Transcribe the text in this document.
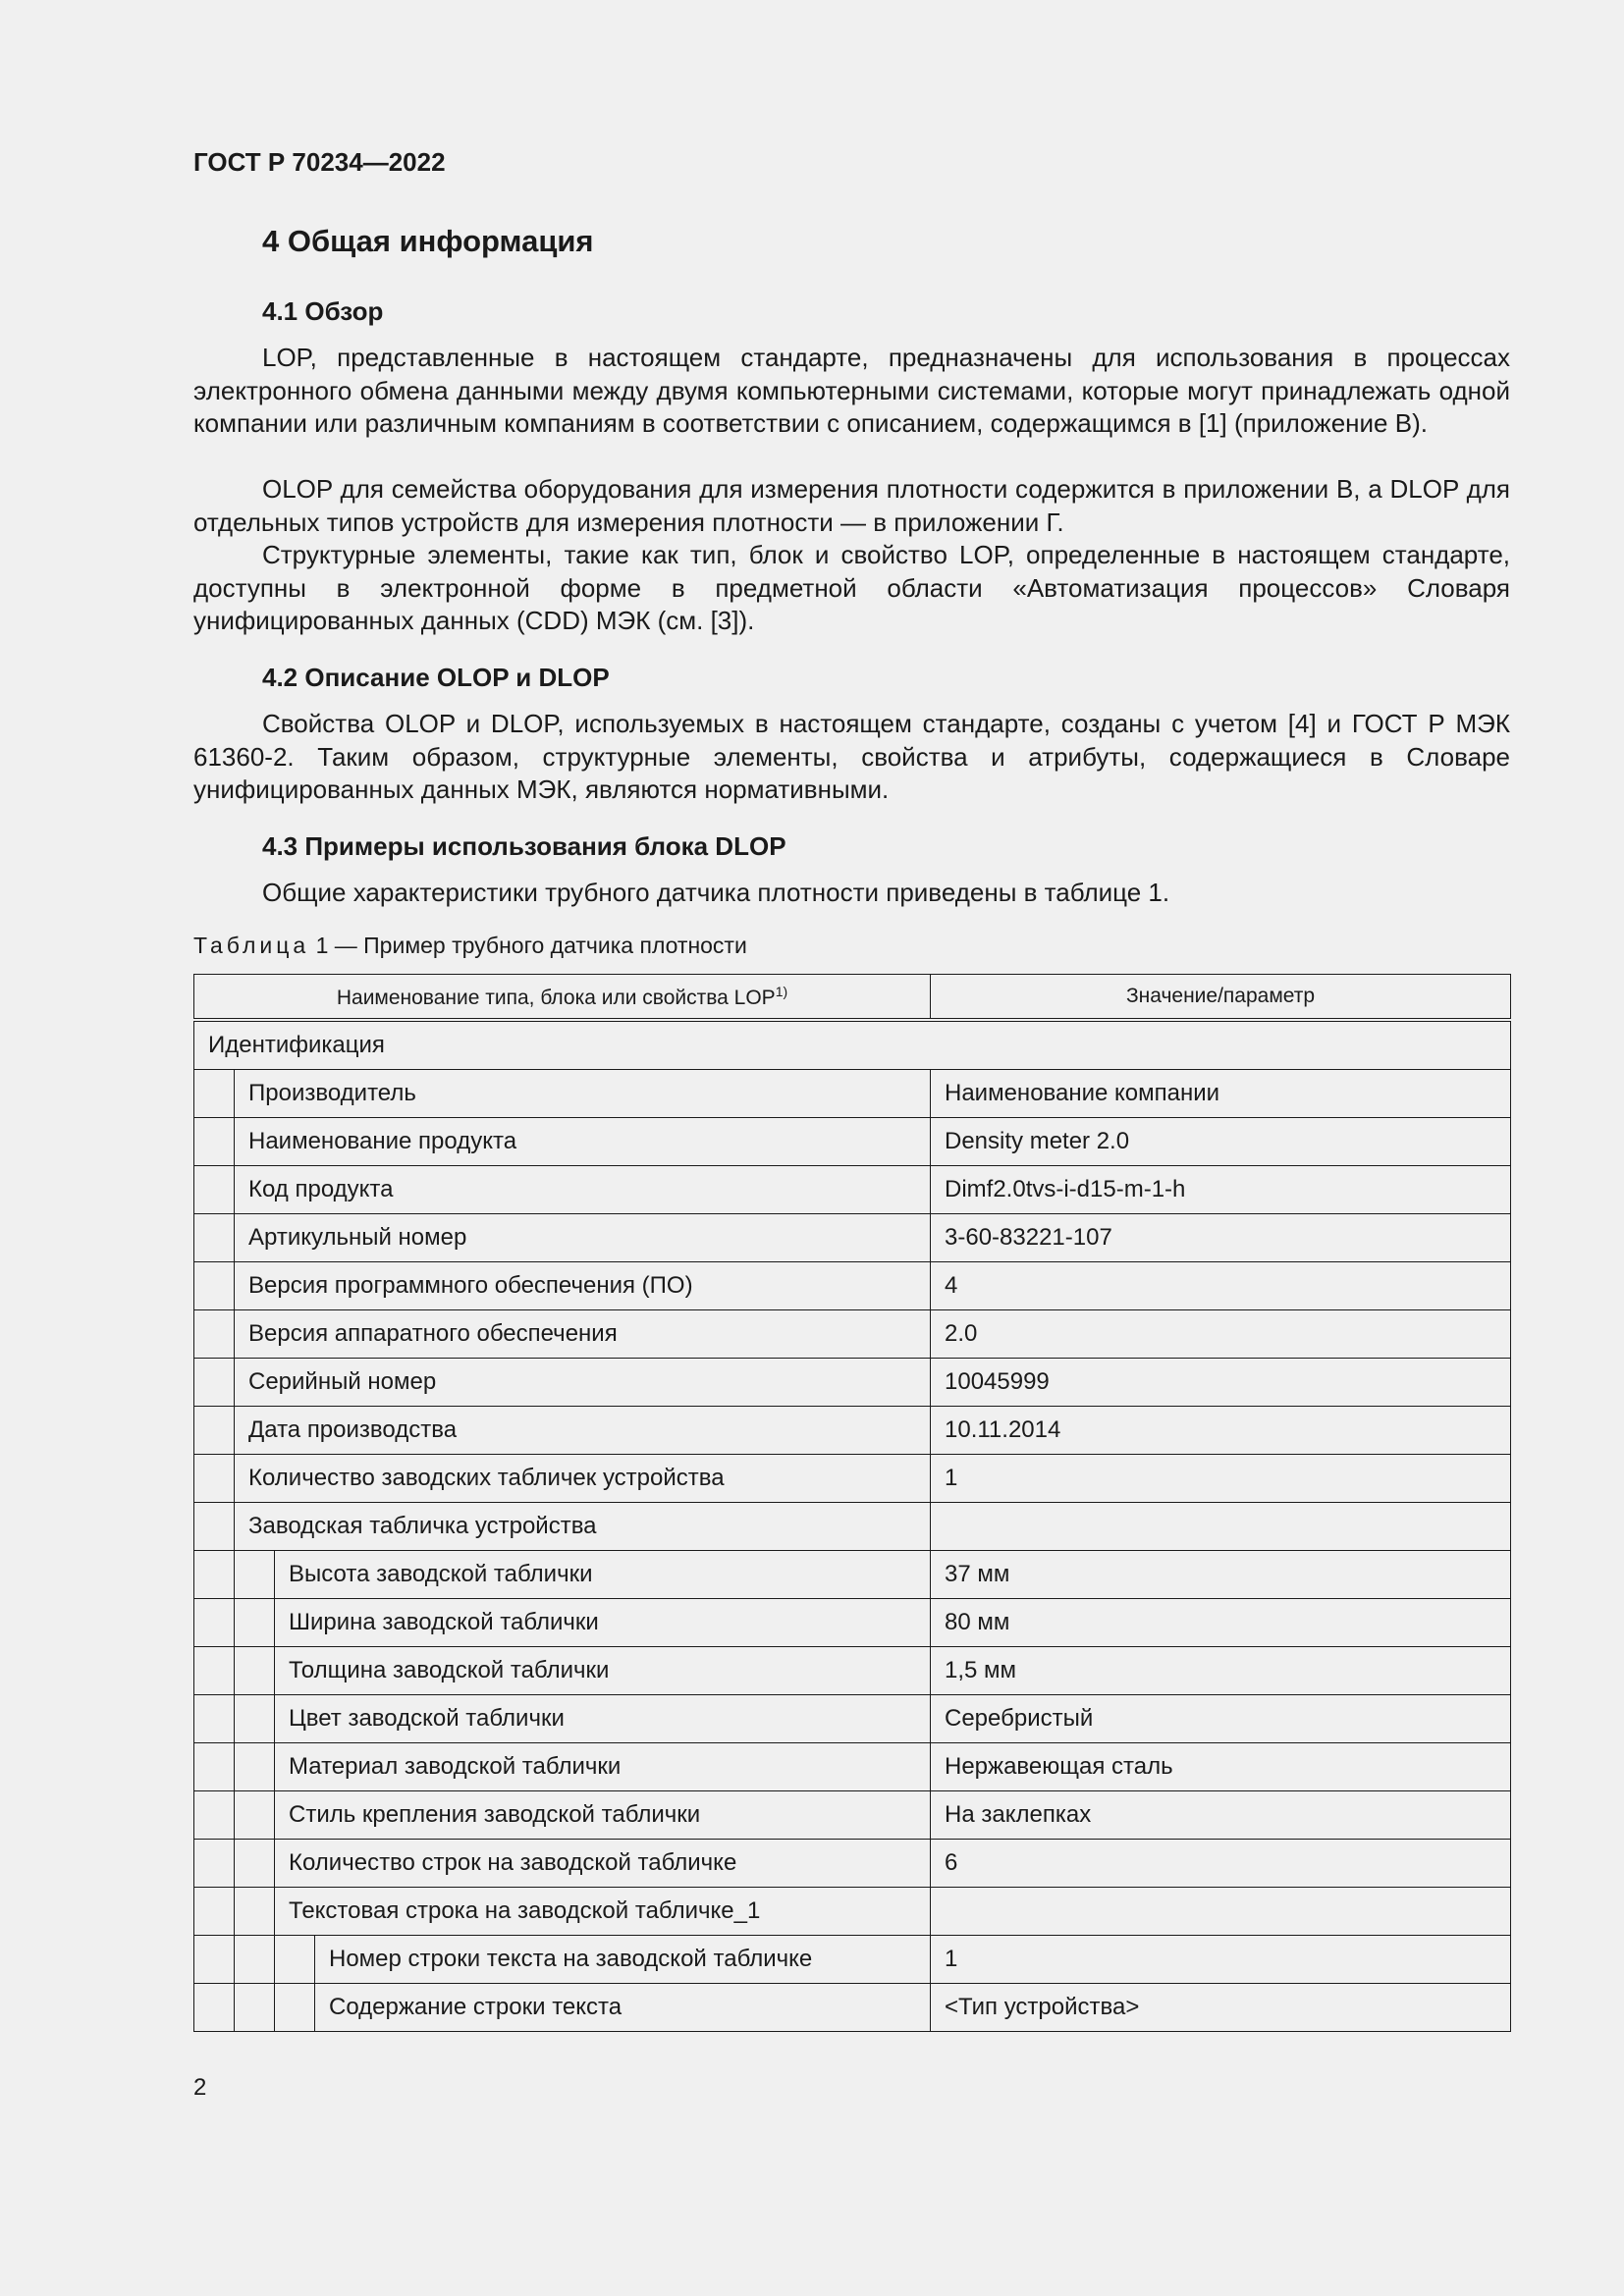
ГОСТ Р 70234—2022
4 Общая информация
4.1 Обзор

LOP, представленные в настоящем стандарте, предназначены для использования в процессах электронного обмена данными между двумя компьютерными системами, которые могут принадлежать одной компании или различным компаниям в соответствии с описанием, содержащимся в [1] (приложение В).

OLOP для семейства оборудования для измерения плотности содержится в приложении В, а DLOP для отдельных типов устройств для измерения плотности — в приложении Г.

Структурные элементы, такие как тип, блок и свойство LOP, определенные в настоящем стандарте, доступны в электронной форме в предметной области «Автоматизация процессов» Словаря унифицированных данных (CDD) МЭК (см. [3]).

4.2 Описание OLOP и DLOP

Свойства OLOP и DLOP, используемых в настоящем стандарте, созданы с учетом [4] и ГОСТ Р МЭК 61360-2. Таким образом, структурные элементы, свойства и атрибуты, содержащиеся в Словаре унифицированных данных МЭК, являются нормативными.

4.3 Примеры использования блока DLOP

Общие характеристики трубного датчика плотности приведены в таблице 1.

Таблица 1 — Пример трубного датчика плотности
Наименование типа, блока или свойства LOP$^{1)}$				Значение/параметр
Идентификация				
	Производитель			Наименование компании
	Наименование продукта			Density meter 2.0
	Код продукта			Dimf2.0tvs-i-d15-m-1-h
	Артикульный номер			3-60-83221-107
	Версия программного обеспечения (ПО)			4
	Версия аппаратного обеспечения			2.0
	Серийный номер			10045999
	Дата производства			10.11.2014
	Количество заводских табличек устройства			1
	Заводская табличка устройства			
		Высота заводской таблички		37 мм
		Ширина заводской таблички		80 мм
		Толщина заводской таблички		1,5 мм
		Цвет заводской таблички		Серебристый
		Материал заводской таблички		Нержавеющая сталь
		Стиль крепления заводской таблички		На заклепках
		Количество строк на заводской табличке		6
		Текстовая строка на заводской табличке_1		
			Номер строки текста на заводской табличке	1
			Содержание строки текста	<Тип устройства>
2
